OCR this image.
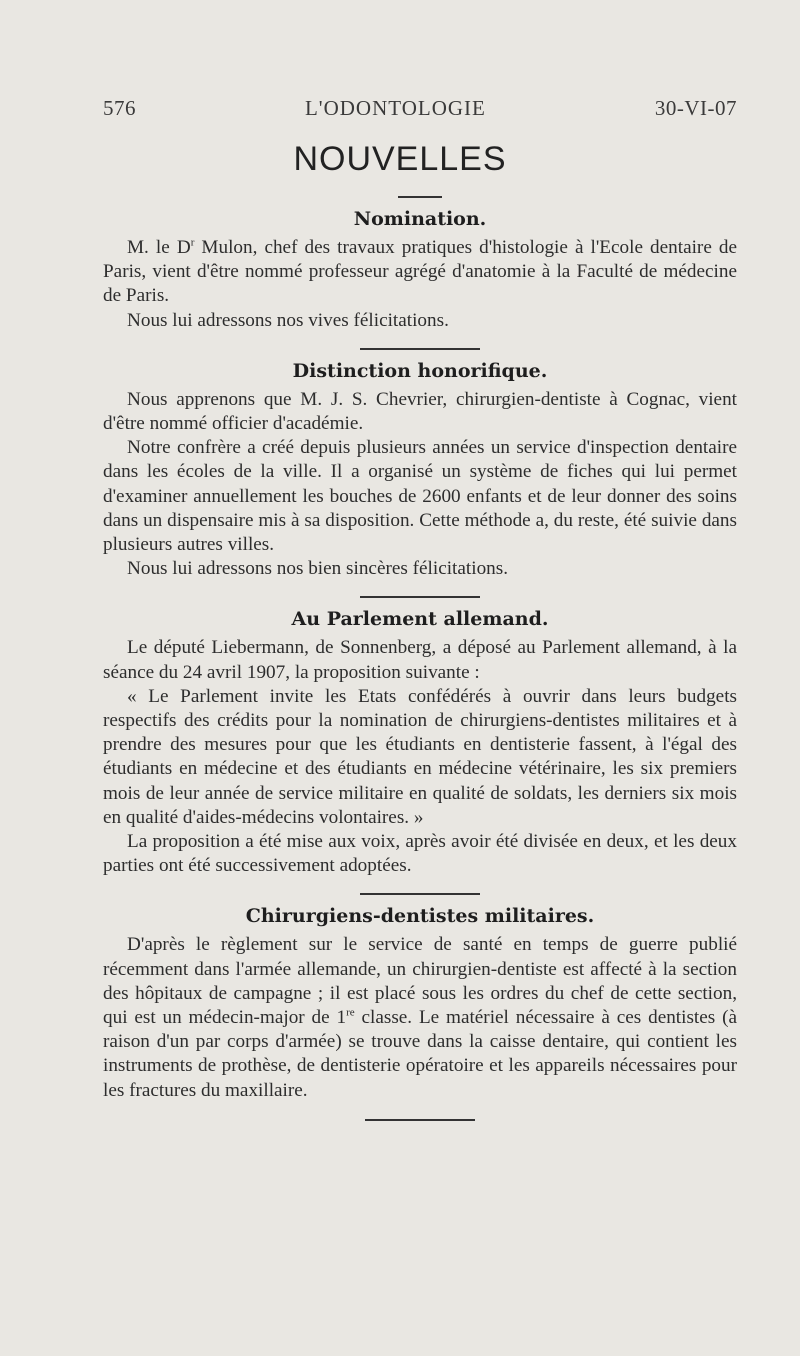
576	L'ODONTOLOGIE	30-VI-07
NOUVELLES
Nomination.

M. le $D^r$ Mulon, chef des travaux pratiques d'histologie à l'Ecole dentaire de Paris, vient d'être nommé professeur agrégé d'anatomie à la Faculté de médecine de Paris.

Nous lui adressons nos vives félicitations.

Distinction honorifique.

Nous apprenons que M. J. S. Chevrier, chirurgien-dentiste à Cognac, vient d'être nommé officier d'académie.

Notre confrère a créé depuis plusieurs années un service d'inspection dentaire dans les écoles de la ville. Il a organisé un système de fiches qui lui permet d'examiner annuellement les bouches de 2600 enfants et de leur donner des soins dans un dispensaire mis à sa disposition. Cette méthode a, du reste, été suivie dans plusieurs autres villes.

Nous lui adressons nos bien sincères félicitations.

Au Parlement allemand.

Le député Liebermann, de Sonnenberg, a déposé au Parlement allemand, à la séance du 24 avril 1907, la proposition suivante :

« Le Parlement invite les Etats confédérés à ouvrir dans leurs budgets respectifs des crédits pour la nomination de chirurgiens-dentistes militaires et à prendre des mesures pour que les étudiants en dentisterie fassent, à l'égal des étudiants en médecine et des étudiants en médecine vétérinaire, les six premiers mois de leur année de service militaire en qualité de soldats, les derniers six mois en qualité d'aides-médecins volontaires. »

La proposition a été mise aux voix, après avoir été divisée en deux, et les deux parties ont été successivement adoptées.

Chirurgiens-dentistes militaires.

D'après le règlement sur le service de santé en temps de guerre publié récemment dans l'armée allemande, un chirurgien-dentiste est affecté à la section des hôpitaux de campagne ; il est placé sous les ordres du chef de cette section, qui est un médecin-major de 1re classe. Le matériel nécessaire à ces dentistes (à raison d'un par corps d'armée) se trouve dans la caisse dentaire, qui contient les instruments de prothèse, de dentisterie opératoire et les appareils nécessaires pour les fractures du maxillaire.
